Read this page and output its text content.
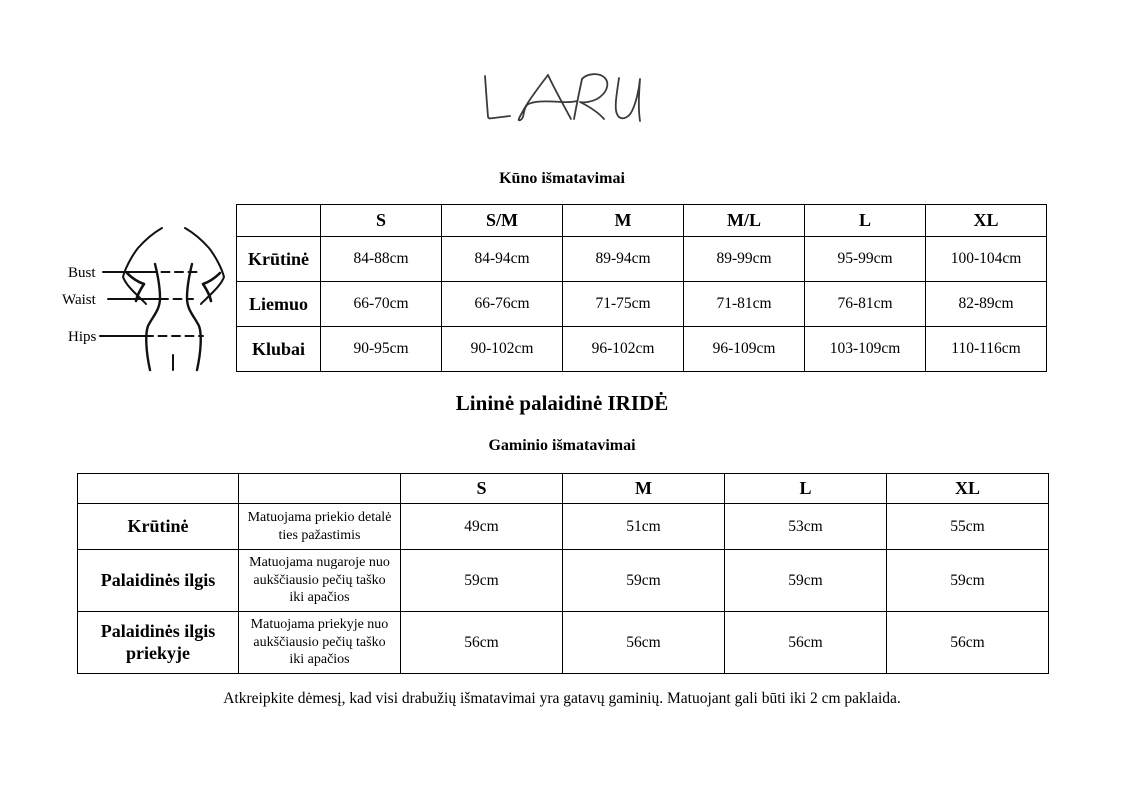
Kūno išmatavimai
Bust
Waist
Hips
	S	S/M	M	M/L	L	XL
Krūtinė	84-88cm	84-94cm	89-94cm	89-99cm	95-99cm	100-104cm
Liemuo	66-70cm	66-76cm	71-75cm	71-81cm	76-81cm	82-89cm
Klubai	90-95cm	90-102cm	96-102cm	96-109cm	103-109cm	110-116cm
Lininė palaidinė IRIDĖ
Gaminio išmatavimai
		S	M	L	XL
Krūtinė	Matuojama priekio detalė ties pažastimis	49cm	51cm	53cm	55cm
Palaidinės ilgis	Matuojama nugaroje nuo aukščiausio pečių taško iki apačios	59cm	59cm	59cm	59cm
Palaidinės ilgis priekyje	Matuojama priekyje nuo aukščiausio pečių taško iki apačios	56cm	56cm	56cm	56cm
Atkreipkite dėmesį, kad visi drabužių išmatavimai yra gatavų gaminių. Matuojant gali būti iki 2 cm paklaida.
